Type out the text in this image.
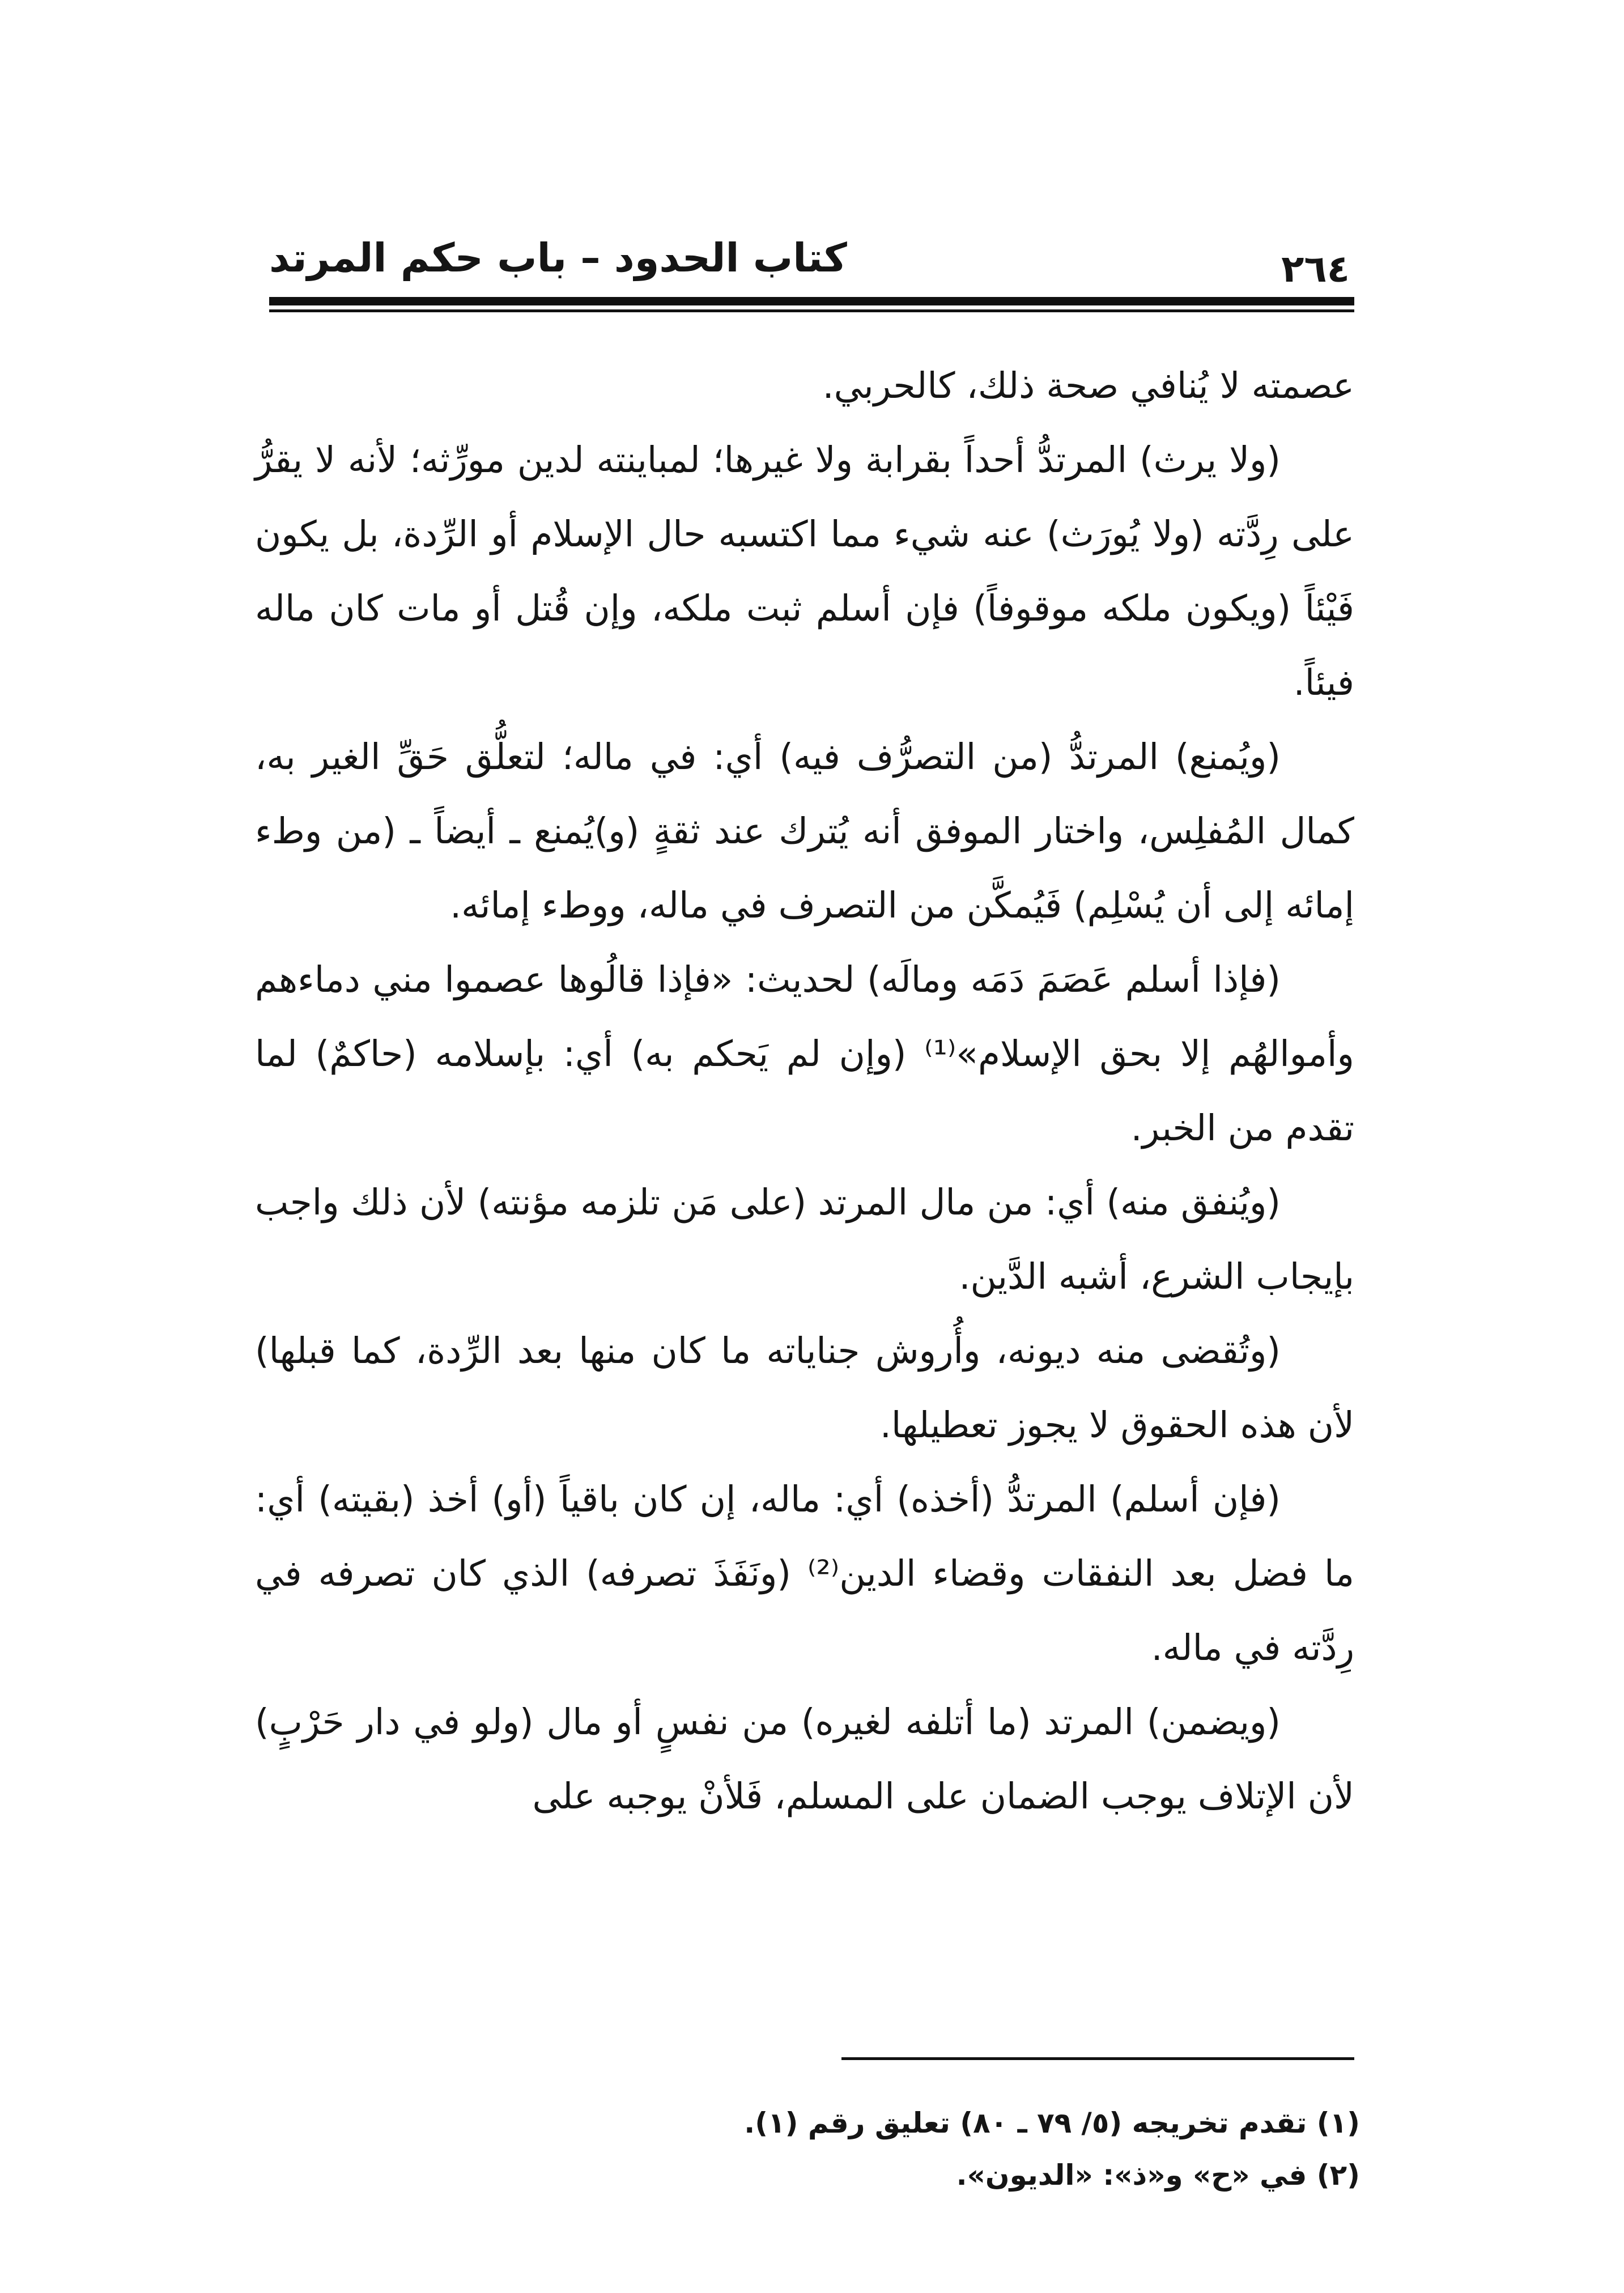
كتاب الحدود – باب حكم المرتد	٢٦٤

عصمته لا يُنافي صحة ذلك، كالحربي.

(ولا يرث) المرتدُّ أحداً بقرابة ولا غيرها؛ لمباينته لدين مورِّثه؛ لأنه لا يقرُّ على رِدَّته (ولا يُورَث) عنه شيء مما اكتسبه حال الإسلام أو الرِّدة، بل يكون فَيْئاً (ويكون ملكه موقوفاً) فإن أسلم ثبت ملكه، وإن قُتل أو مات كان ماله فيئاً.

(ويُمنع) المرتدُّ (من التصرُّف فيه) أي: في ماله؛ لتعلُّق حَقِّ الغير به، كمال المُفلِس، واختار الموفق أنه يُترك عند ثقةٍ (و)يُمنع ـ أيضاً ـ (من وطء إمائه إلى أن يُسْلِم) فَيُمكَّن من التصرف في ماله، ووطء إمائه.

(فإذا أسلم عَصَمَ دَمَه ومالَه) لحديث: «فإذا قالُوها عصموا مني دماءهم وأموالهُم إلا بحق الإسلام»⁽¹⁾ (وإن لم يَحكم به) أي: بإسلامه (حاكمٌ) لما تقدم من الخبر.

(ويُنفق منه) أي: من مال المرتد (على مَن تلزمه مؤنته) لأن ذلك واجب بإيجاب الشرع، أشبه الدَّين.

(وتُقضى منه ديونه، وأُروش جناياته ما كان منها بعد الرِّدة، كما قبلها) لأن هذه الحقوق لا يجوز تعطيلها.

(فإن أسلم) المرتدُّ (أخذه) أي: ماله، إن كان باقياً (أو) أخذ (بقيته) أي: ما فضل بعد النفقات وقضاء الدين⁽²⁾ (ونَفَذَ تصرفه) الذي كان تصرفه في رِدَّته في ماله.

(ويضمن) المرتد (ما أتلفه لغيره) من نفسٍ أو مال (ولو في دار حَرْبٍ) لأن الإتلاف يوجب الضمان على المسلم، فَلأنْ يوجبه على

(١) تقدم تخريجه (٥/ ٧٩ ـ ٨٠) تعليق رقم (١).

(٢) في «ح» و«ذ»: «الديون».
